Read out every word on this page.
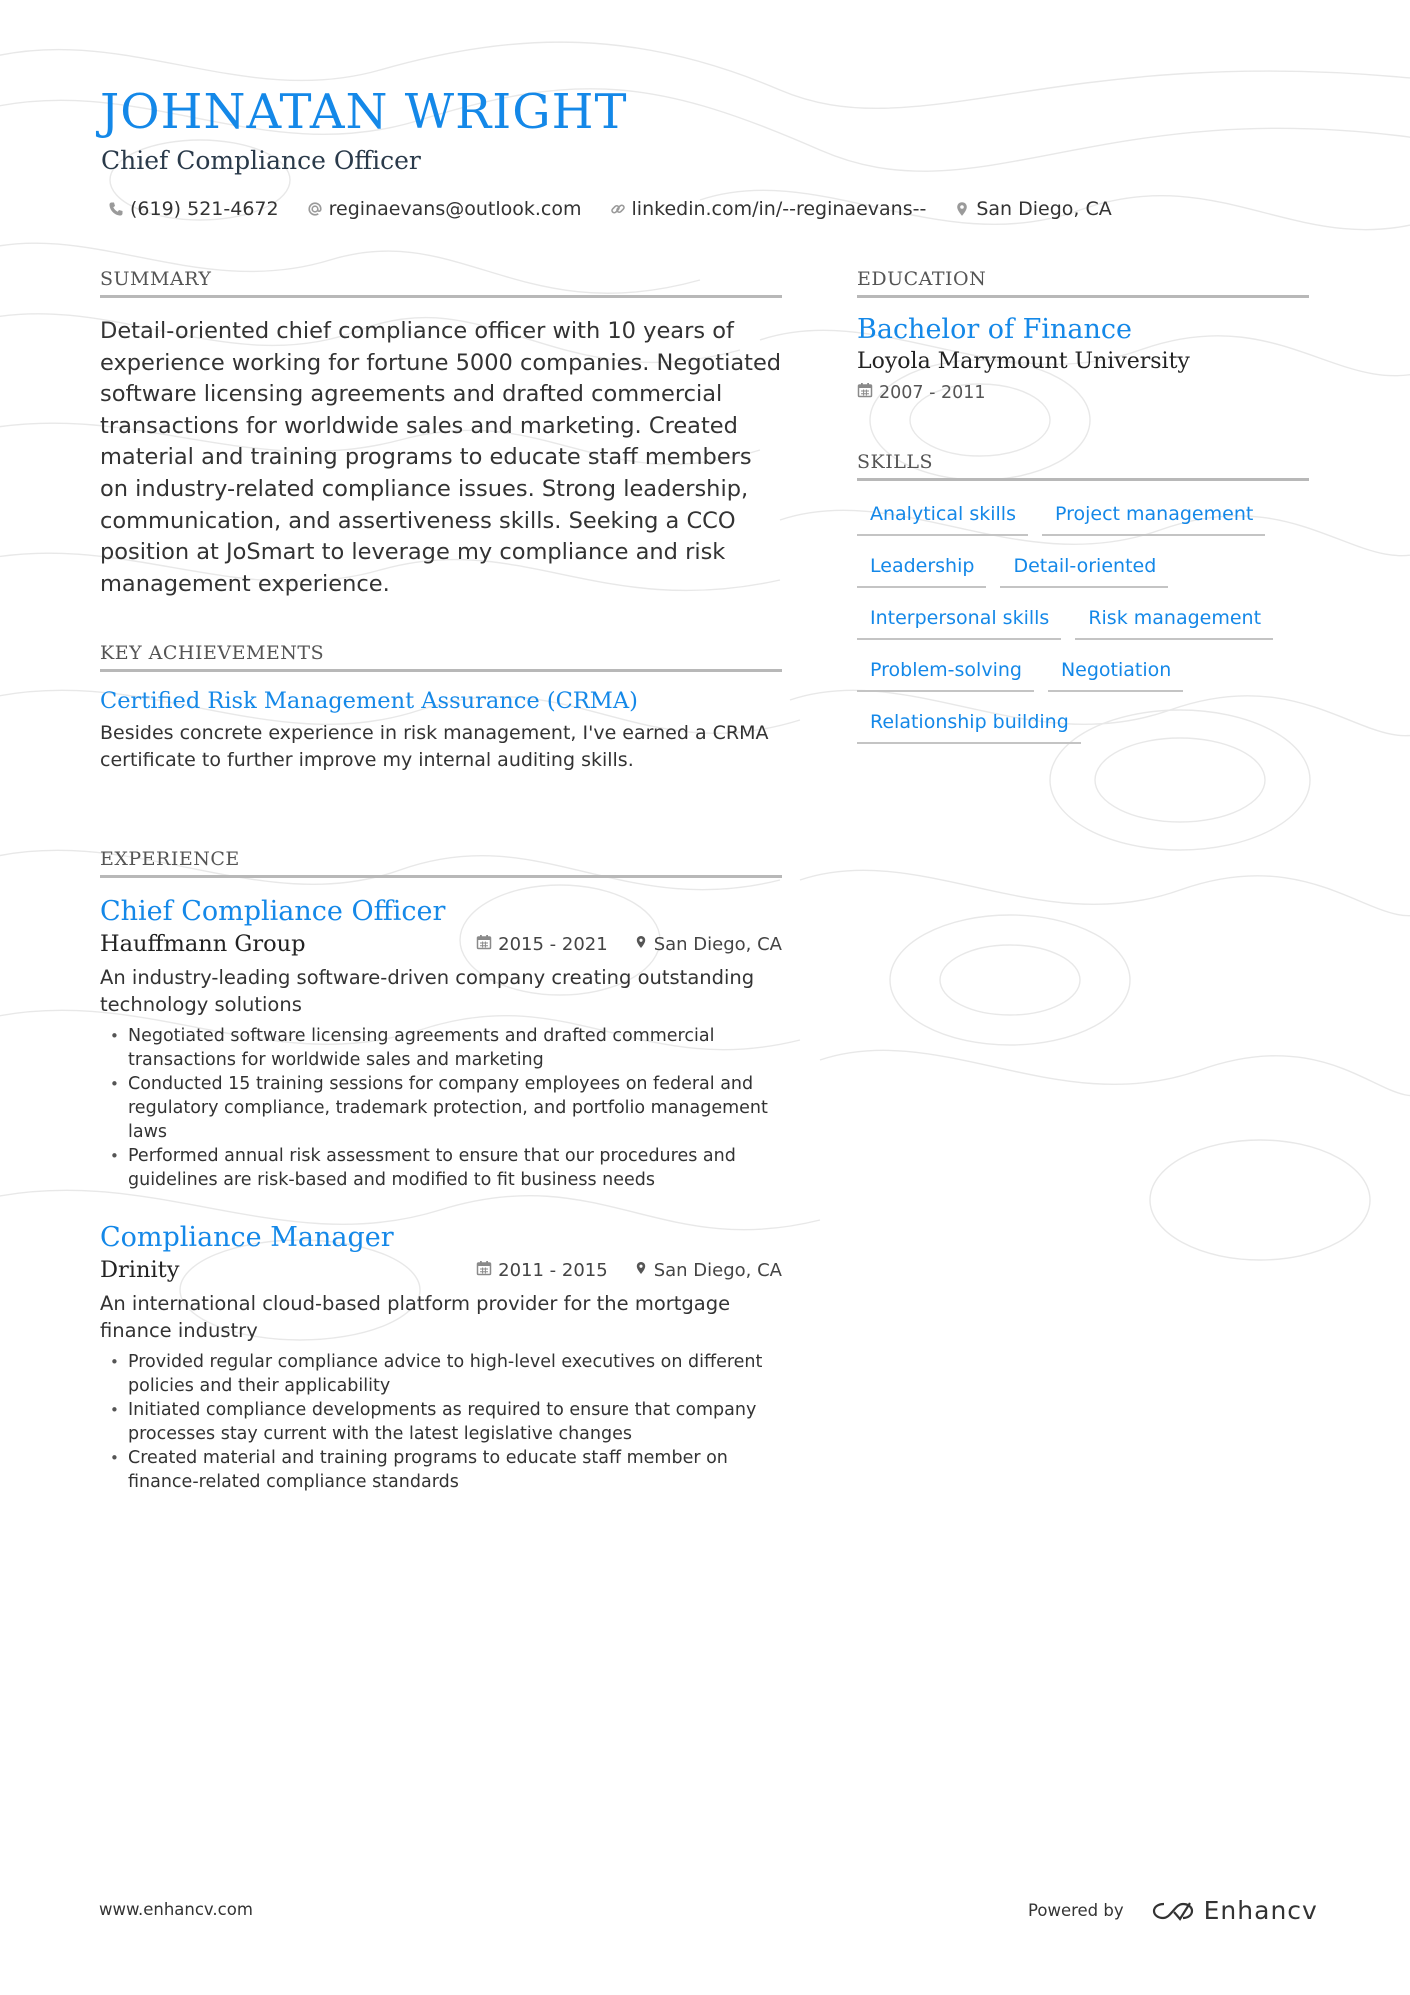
JOHNATAN WRIGHT
Chief Compliance Officer
(619) 521-4672	reginaevans@outlook.com	linkedin.com/in/--reginaevans--	San Diego, CA
SUMMARY
Detail-oriented chief compliance officer with 10 years of experience working for fortune 5000 companies. Negotiated software licensing agreements and drafted commercial transactions for worldwide sales and marketing. Created material and training programs to educate staff members on industry-related compliance issues. Strong leadership, communication, and assertiveness skills. Seeking a CCO position at JoSmart to leverage my compliance and risk management experience.
KEY ACHIEVEMENTS
Certified Risk Management Assurance (CRMA)
Besides concrete experience in risk management, I've earned a CRMA certificate to further improve my internal auditing skills.
EXPERIENCE
Chief Compliance Officer
Hauffmann Group	2015 - 2021	San Diego, CA
An industry-leading software-driven company creating outstanding technology solutions
• Negotiated software licensing agreements and drafted commercial transactions for worldwide sales and marketing
• Conducted 15 training sessions for company employees on federal and regulatory compliance, trademark protection, and portfolio management laws
• Performed annual risk assessment to ensure that our procedures and guidelines are risk-based and modified to fit business needs
Compliance Manager
Drinity	2011 - 2015	San Diego, CA
An international cloud-based platform provider for the mortgage finance industry
• Provided regular compliance advice to high-level executives on different policies and their applicability
• Initiated compliance developments as required to ensure that company processes stay current with the latest legislative changes
• Created material and training programs to educate staff member on finance-related compliance standards
EDUCATION
Bachelor of Finance
Loyola Marymount University
2007 - 2011
SKILLS
Analytical skills	Project management
Leadership	Detail-oriented
Interpersonal skills	Risk management
Problem-solving	Negotiation
Relationship building
www.enhancv.com	Powered by	Enhancv
